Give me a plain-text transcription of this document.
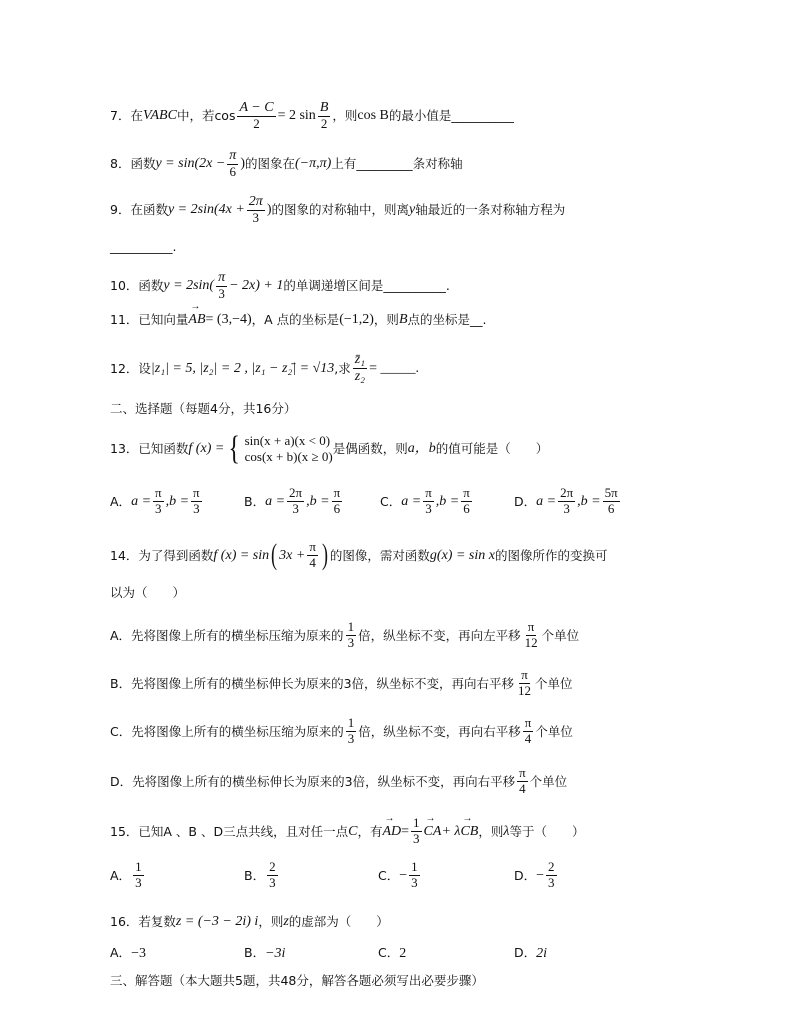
7． 在 VABC 中，若$\cos \frac{A - C}{2} = 2$ $\sin \frac{B}{2}$ ，则 cos B 的最小值是__________
8． 函数 $y = \sin(2x - \frac{\pi}{6}$ ) 的图象在 (−π,π) 上有_________条对称轴
9． 在函数 $y = 2\sin(4x + \frac{2\pi}{3}$ ) 的图象的对称轴中，则离 y 轴最近的一条对称轴方程为
__________.
10． 函数 $y = 2\sin( \frac{\pi}{3} - 2x) + 1$ 的单调递增区间是__________.
11． 已知向量 → AB = (3,−4) ，A 点的坐标是 (−1,2) ，则 B 点的坐标是__.
12． 设 |z₁| = 5, |z₂| = 2 , |z₁ − z₂̄| = √13 ,求 $\frac{\text{z̄₁}}{\text{z₂}}$ = _____.
二、选择题（每题4分，共16分）
13． 已知函数 f (x) = { sin(x + a)(x < 0)
cos(x + b)(x ≥ 0)
是偶函数，则 a，b 的值可能是（　　）
A． $a = \frac{\pi}{3} ,b = \frac{\pi}{3}$	B． $a = \frac{2\pi}{3} ,b = \frac{\pi}{6}$	C． $a = \frac{\pi}{3} ,b = \frac{\pi}{6}$	D． $a = \frac{2\pi}{3} ,b = \frac{5\pi}{6}$
14． 为了得到函数 f (x) = sin ( $3x + \frac{\pi}{4}$ ) 的图像，需对函数 g(x) = sin x 的图像所作的变换可
以为（　　）
A．先将图像上所有的横坐标压缩为原来的 $\frac{1}{3}$ 倍，纵坐标不变，再向左平移 $\frac{\pi}{12}$ 个单位
B．先将图像上所有的横坐标伸长为原来的3倍，纵坐标不变，再向右平移 $\frac{\pi}{12}$ 个单位
C．先将图像上所有的横坐标压缩为原来的 $\frac{1}{3}$ 倍，纵坐标不变，再向右平移 $\frac{\pi}{4}$ 个单位
D．先将图像上所有的横坐标伸长为原来的3倍，纵坐标不变，再向右平移 $\frac{\pi}{4}$ 个单位
15． 已知A 、B 、D三点共线，且对任一点 C ，有 → AD = $\frac{1}{3}$ → CA + λ → CB ，则 λ 等于（　　）
A． $\frac{1}{3}$	B． $\frac{2}{3}$	C． − $\frac{1}{3}$	D． − $\frac{2}{3}$
16． 若复数 z = (−3 − 2i) i ，则 z 的虚部为（　　）
A． −3	B． −3i	C． 2	D． 2i
三、解答题（本大题共5题，共48分，解答各题必须写出必要步骤）
